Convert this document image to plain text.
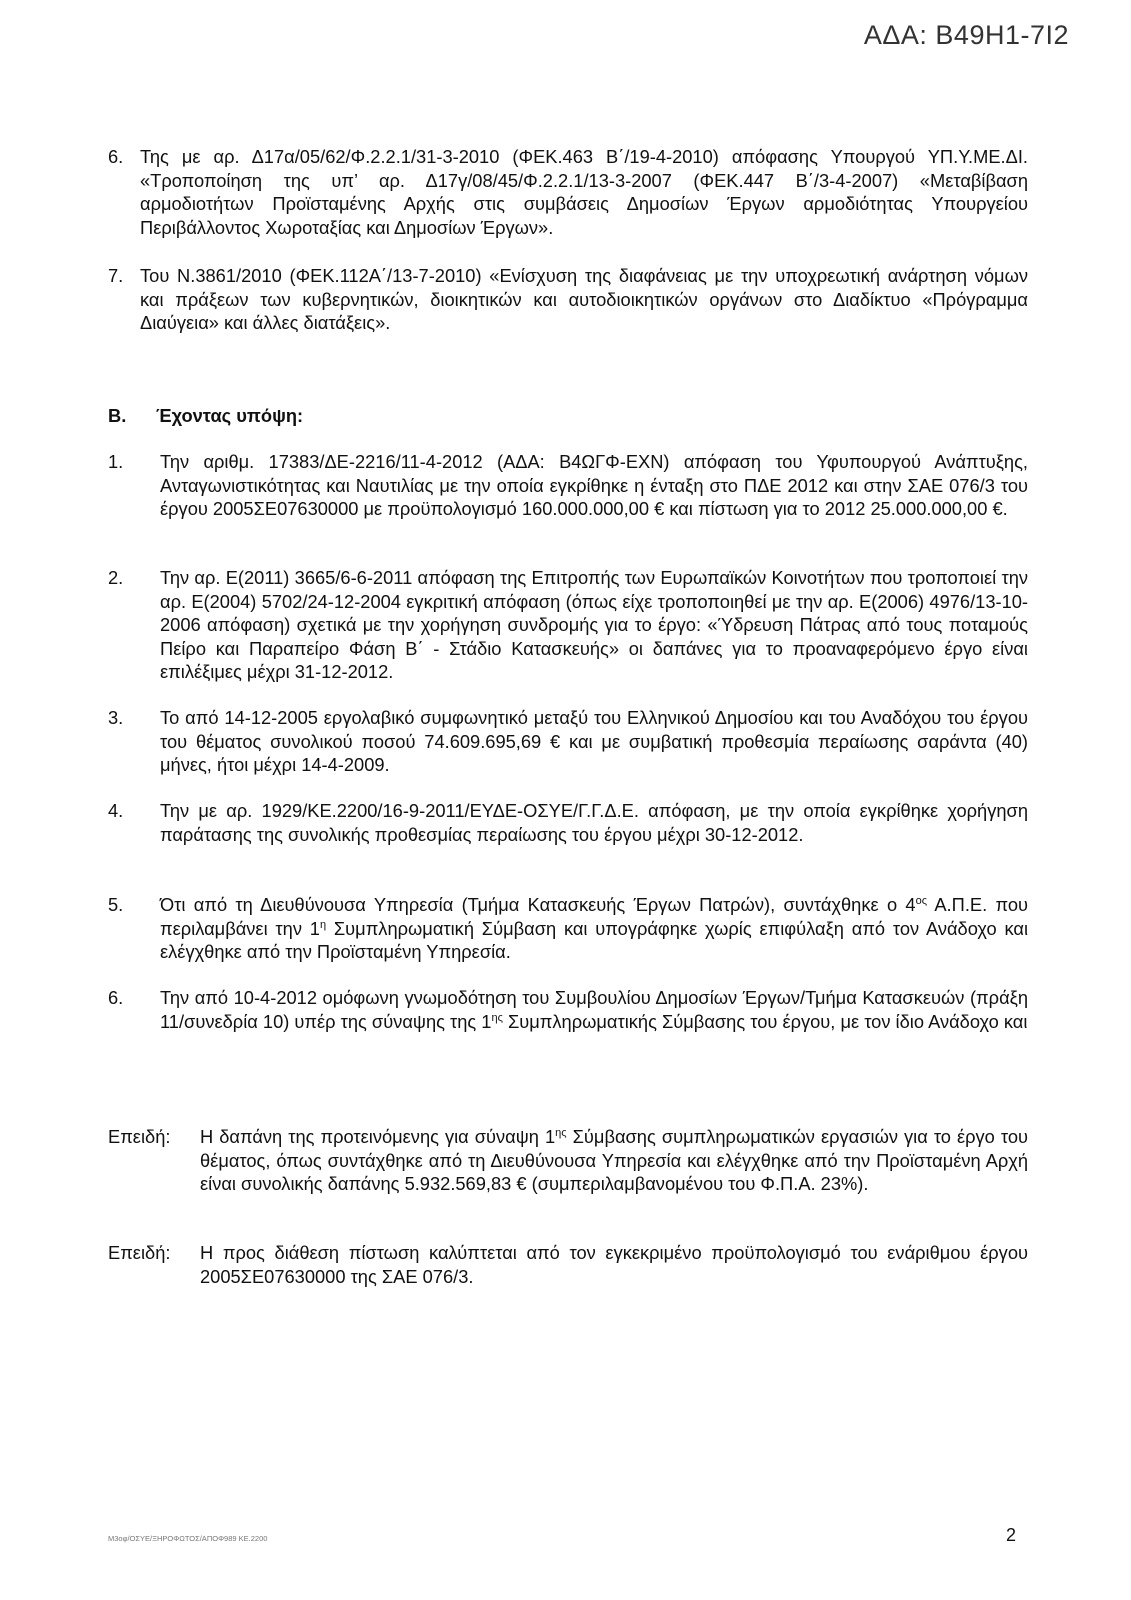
ΑΔΑ: Β49Η1-7Ι2
6. Της με αρ. Δ17α/05/62/Φ.2.2.1/31-3-2010 (ΦΕΚ.463 Β΄/19-4-2010) απόφασης Υπουργού ΥΠ.Υ.ΜΕ.ΔΙ. «Τροποποίηση της υπ’ αρ. Δ17γ/08/45/Φ.2.2.1/13-3-2007 (ΦΕΚ.447 Β΄/3-4-2007) «Μεταβίβαση αρμοδιοτήτων Προϊσταμένης Αρχής στις συμβάσεις Δημοσίων Έργων αρμοδιότητας Υπουργείου Περιβάλλοντος Χωροταξίας και Δημοσίων Έργων».
7. Του Ν.3861/2010 (ΦΕΚ.112Α΄/13-7-2010) «Ενίσχυση της διαφάνειας με την υποχρεωτική ανάρτηση νόμων και πράξεων των κυβερνητικών, διοικητικών και αυτοδιοικητικών οργάνων στο Διαδίκτυο «Πρόγραμμα Διαύγεια» και άλλες διατάξεις».
Β. Έχοντας υπόψη:
1.	Την αριθμ. 17383/ΔΕ-2216/11-4-2012 (ΑΔΑ: Β4ΩΓΦ-ΕΧΝ) απόφαση του Υφυπουργού Ανάπτυξης, Ανταγωνιστικότητας και Ναυτιλίας με την οποία εγκρίθηκε η ένταξη στο ΠΔΕ 2012 και στην ΣΑΕ 076/3 του έργου 2005ΣΕ07630000 με προϋπολογισμό 160.000.000,00 € και πίστωση για το 2012 25.000.000,00 €.
2.	Την αρ. Ε(2011) 3665/6-6-2011 απόφαση της Επιτροπής των Ευρωπαϊκών Κοινοτήτων που τροποποιεί την αρ. Ε(2004) 5702/24-12-2004 εγκριτική απόφαση (όπως είχε τροποποιηθεί με την αρ. Ε(2006) 4976/13-10-2006 απόφαση) σχετικά με την χορήγηση συνδρομής για το έργο: «Ύδρευση Πάτρας από τους ποταμούς Πείρο και Παραπείρο Φάση Β΄ - Στάδιο Κατασκευής» οι δαπάνες για το προαναφερόμενο έργο είναι επιλέξιμες μέχρι 31-12-2012.
3.	Το από 14-12-2005 εργολαβικό συμφωνητικό μεταξύ του Ελληνικού Δημοσίου και του Αναδόχου του έργου του θέματος συνολικού ποσού 74.609.695,69 € και με συμβατική προθεσμία περαίωσης σαράντα (40) μήνες, ήτοι μέχρι 14-4-2009.
4.	Την με αρ. 1929/ΚΕ.2200/16-9-2011/ΕΥΔΕ-ΟΣΥΕ/Γ.Γ.Δ.Ε. απόφαση, με την οποία εγκρίθηκε χορήγηση παράτασης της συνολικής προθεσμίας περαίωσης του έργου μέχρι 30-12-2012.
5.	Ότι από τη Διευθύνουσα Υπηρεσία (Τμήμα Κατασκευής Έργων Πατρών), συντάχθηκε ο $4^{o\varsigma}$ Α.Π.Ε. που περιλαμβάνει την $1^\eta$ Συμπληρωματική Σύμβαση και υπογράφηκε χωρίς επιφύλαξη από τον Ανάδοχο και ελέγχθηκε από την Προϊσταμένη Υπηρεσία.
6.	Την από 10-4-2012 ομόφωνη γνωμοδότηση του Συμβουλίου Δημοσίων Έργων/Τμήμα Κατασκευών (πράξη 11/συνεδρία 10) υπέρ της σύναψης της $1^{\eta\varsigma}$ Συμπληρωματικής Σύμβασης του έργου, με τον ίδιο Ανάδοχο και
Επειδή:	Η δαπάνη της προτεινόμενης για σύναψη $1^{\eta\varsigma}$ Σύμβασης συμπληρωματικών εργασιών για το έργο του θέματος, όπως συντάχθηκε από τη Διευθύνουσα Υπηρεσία και ελέγχθηκε από την Προϊσταμένη Αρχή είναι συνολικής δαπάνης 5.932.569,83 € (συμπεριλαμβανομένου του Φ.Π.Α. 23%).
Επειδή:	Η προς διάθεση πίστωση καλύπτεται από τον εγκεκριμένο προϋπολογισμό του ενάριθμου έργου 2005ΣΕ07630000 της ΣΑΕ 076/3.
Μ3οφ/ΟΣΥΕ/ΞΗΡΟΦΩΤΟΣ/ΑΠΟΦ989 ΚΕ.2200	2
